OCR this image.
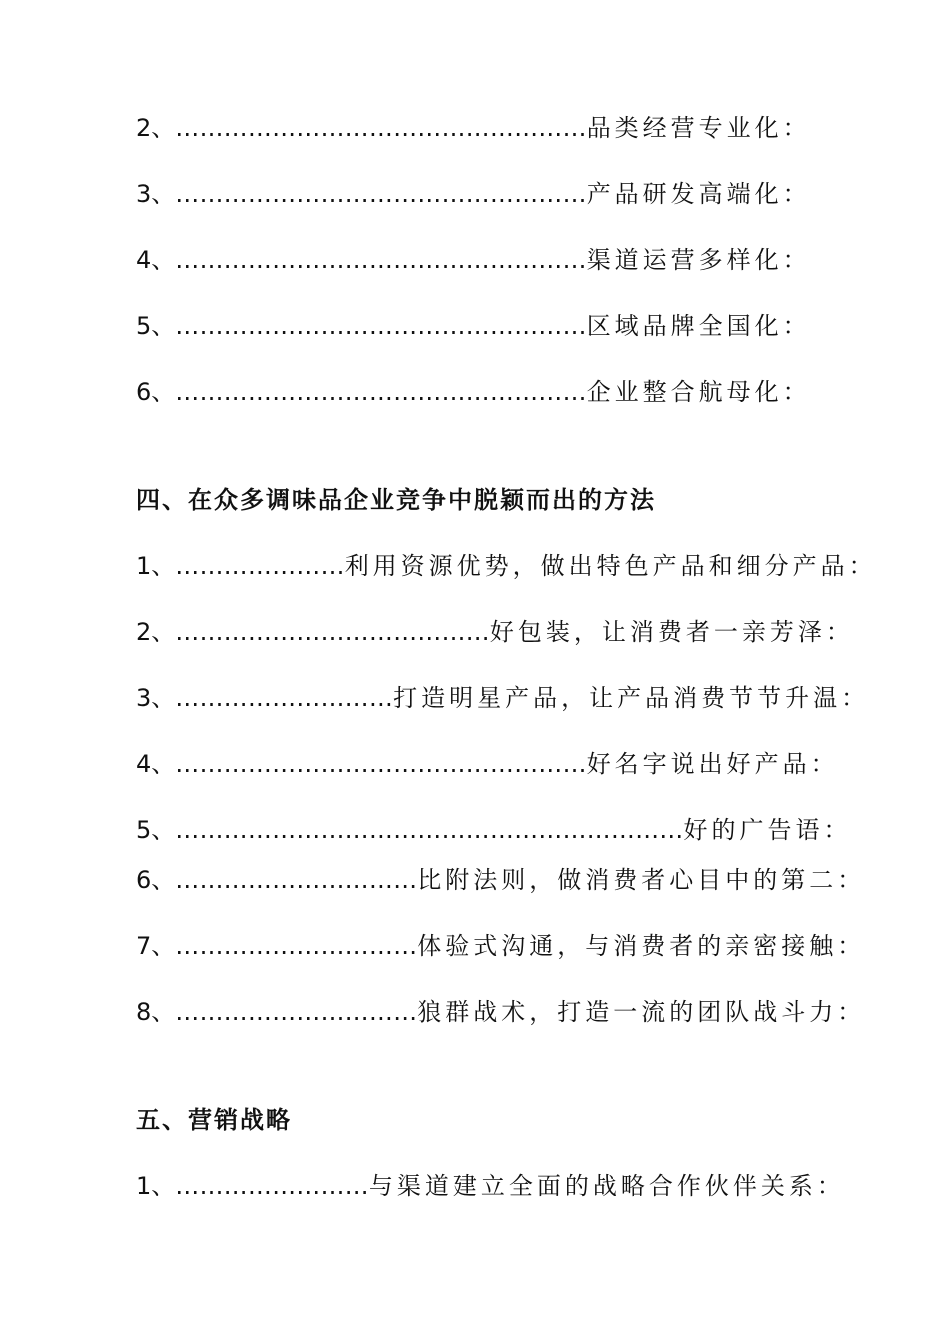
2、……………………………………………品类经营专业化：
3、……………………………………………产品研发高端化：
4、……………………………………………渠道运营多样化：
5、……………………………………………区域品牌全国化：
6、……………………………………………企业整合航母化：
四、在众多调味品企业竞争中脱颖而出的方法
1、…………………利用资源优势，做出特色产品和细分产品：
2、…………………………………好包装，让消费者一亲芳泽：
3、………………………打造明星产品，让产品消费节节升温：
4、……………………………………………好名字说出好产品：
5、………………………………………………………好的广告语：
6、…………………………比附法则，做消费者心目中的第二：
7、…………………………体验式沟通，与消费者的亲密接触：
8、…………………………狼群战术，打造一流的团队战斗力：
五、营销战略
1、……………………与渠道建立全面的战略合作伙伴关系：
